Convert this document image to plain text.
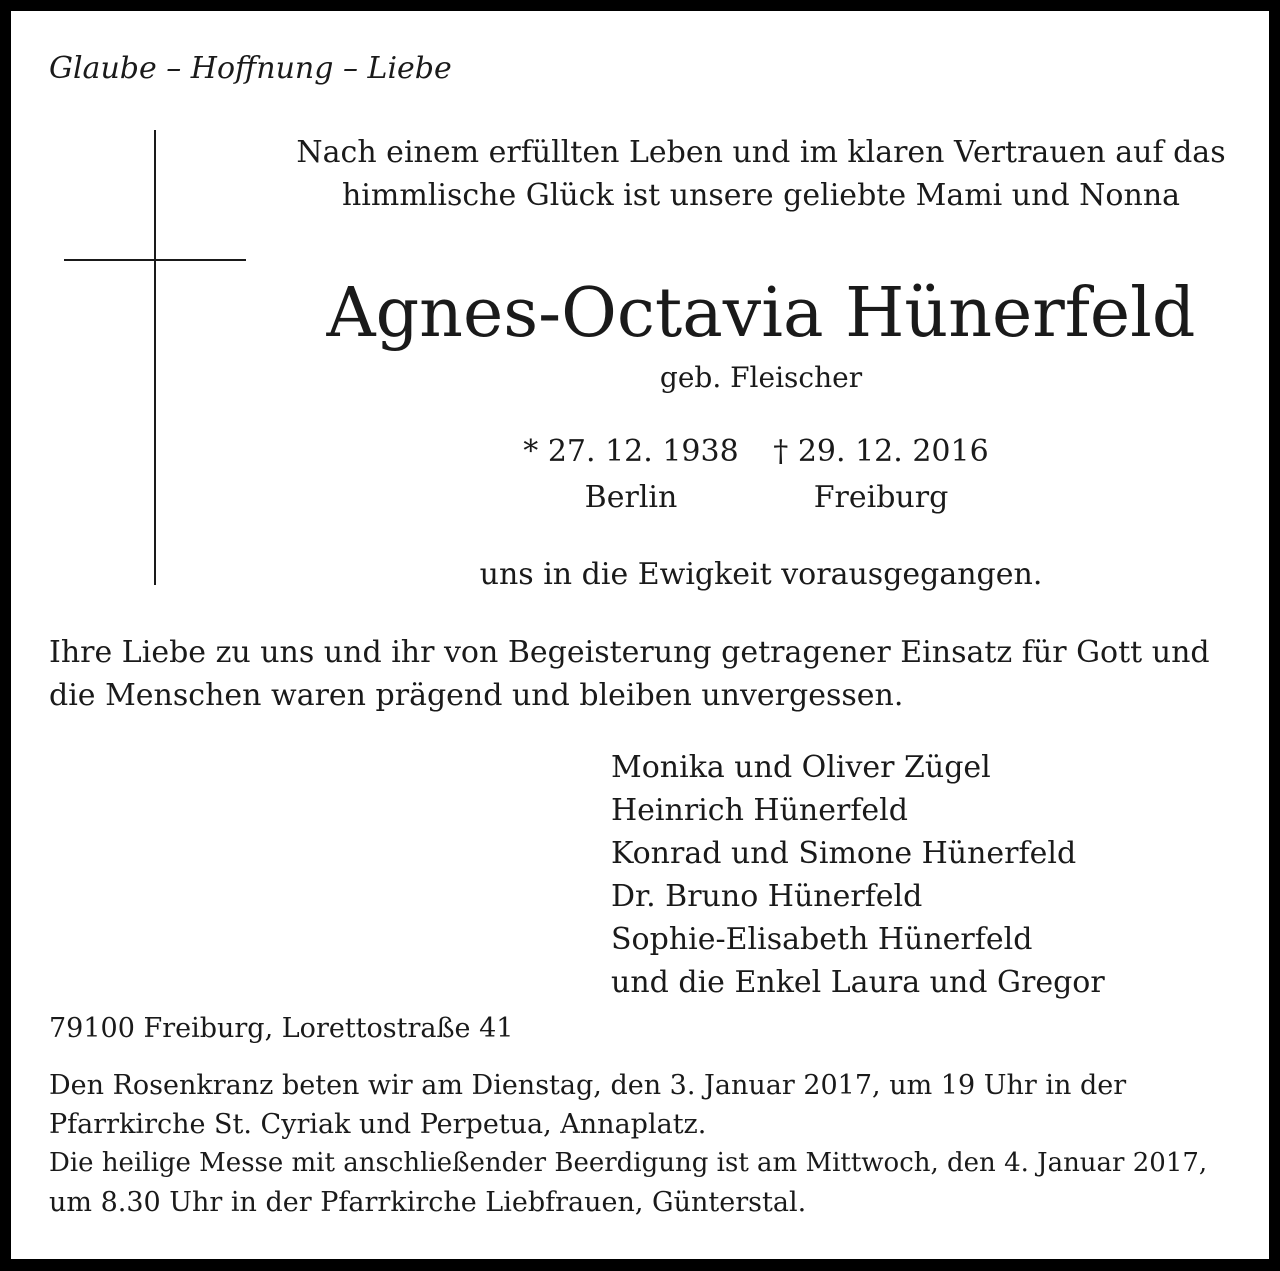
Glaube – Hoffnung – Liebe
Nach einem erfüllten Leben und im klaren Vertrauen auf das
himmlische Glück ist unsere geliebte Mami und Nonna
Agnes-Octavia Hünerfeld
geb. Fleischer
* 27. 12. 1938
Berlin
† 29. 12. 2016
Freiburg
uns in die Ewigkeit vorausgegangen.
Ihre Liebe zu uns und ihr von Begeisterung getragener Einsatz für Gott und
die Menschen waren prägend und bleiben unvergessen.
Monika und Oliver Zügel
Heinrich Hünerfeld
Konrad und Simone Hünerfeld
Dr. Bruno Hünerfeld
Sophie-Elisabeth Hünerfeld
und die Enkel Laura und Gregor
79100 Freiburg, Lorettostraße 41
Den Rosenkranz beten wir am Dienstag, den 3. Januar 2017, um 19 Uhr in der
Pfarrkirche St. Cyriak und Perpetua, Annaplatz.
Die heilige Messe mit anschließender Beerdigung ist am Mittwoch, den 4. Januar 2017,
um 8.30 Uhr in der Pfarrkirche Liebfrauen, Günterstal.
